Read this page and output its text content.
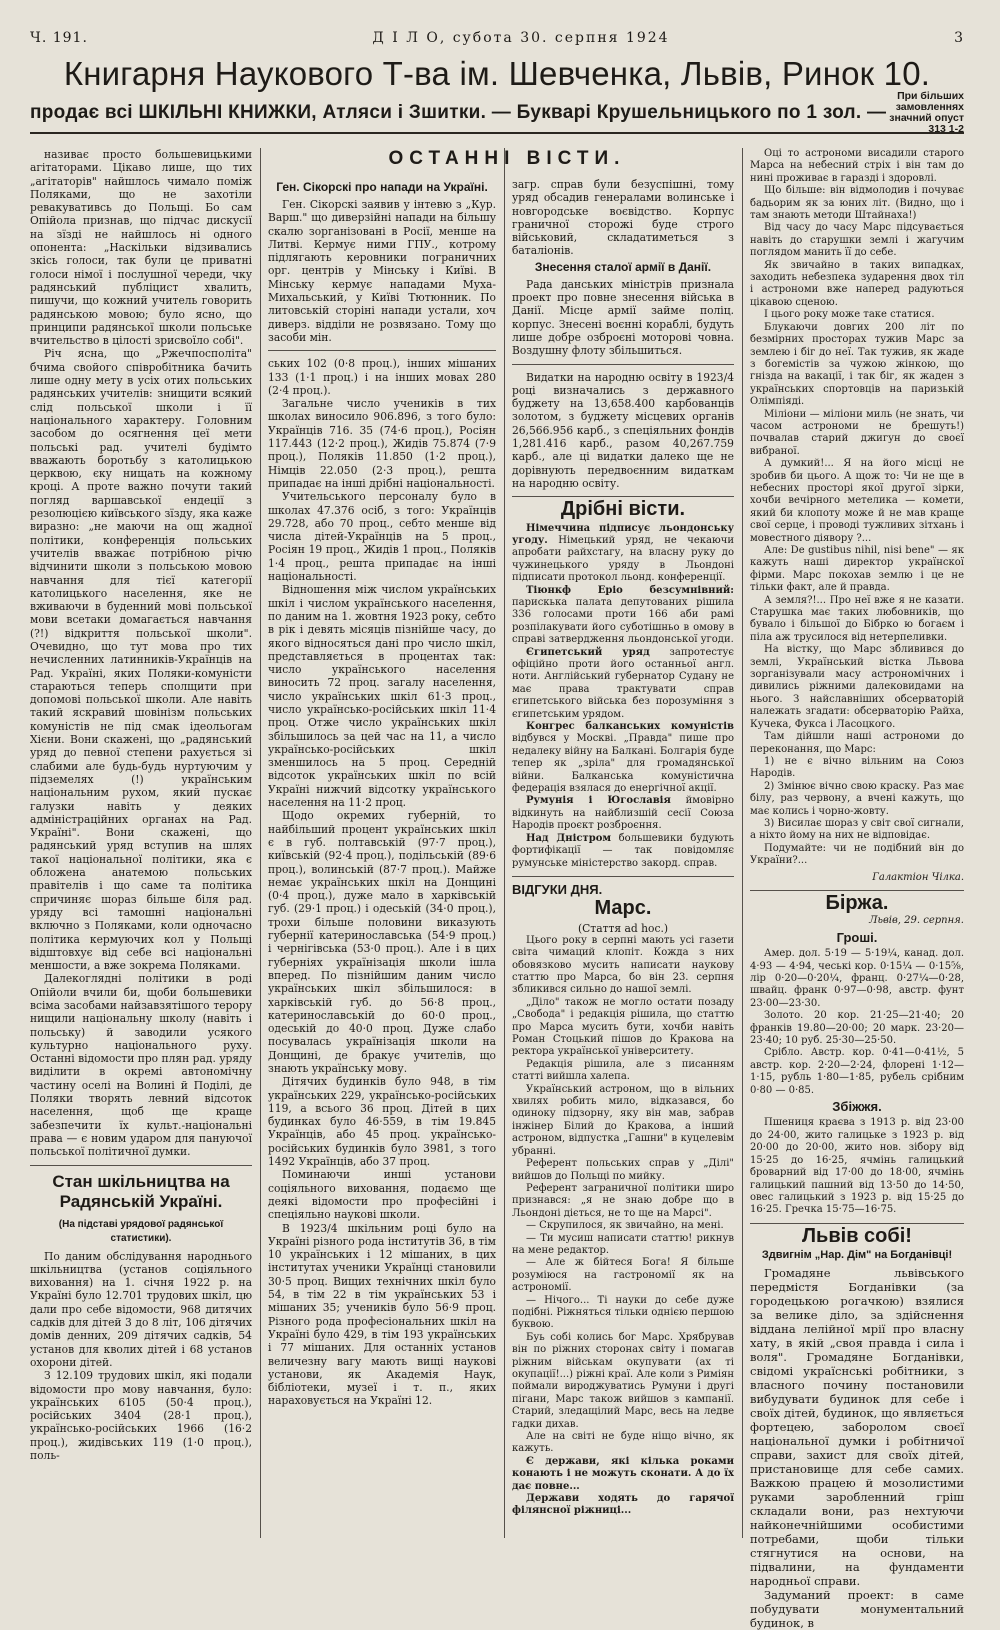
Ч. 191.	Д І Л О, субота 30. серпня 1924	3
Книгарня Наукового Т-ва ім. Шевченка, Львів, Ринок 10.
продає всі ШКІЛЬНІ КНИЖКИ, Атляси і Зшитки. — Букварі Крушельницького по 1 зол. —
При більших замовленнях
значний опуст 313 1-2

називає просто большевицькими агітаторами. Цікаво лише, що тих „агітаторів" найшлось чимало поміж Поляками, що не захотіли ревакувативсь до Польщі. Бо сам Опійола признав, що підчас дискусії на зїзді не найшлось ні одного опонента: „Наскільки відзивались зкісь голоси, так були це приватні голоси німої і послушної череди, чку радянський публіцист хвалить, пишучи, що кожний учитель говорить радянською мовою; було ясно, що принципи радянської школи польське вчительство в цілості зрисвоїло собі".

Річ ясна, що „Ржечпосполіта" бчима свойого співробітника бачить лише одну мету в усіх отих польських радянських учителів: знищити всякий слід польської школи і її національного характеру. Головним засобом до осягнення цеї мети польські рад. учителі будімто вважають боротьбу з католицькою церквою, єку нищать на кожному кроці. А проте важно почути такий погляд варшавської ендеції з резолюцією київського зїзду, яка каже виразно: „не маючи на ощ жадної політики, конференція польських учителів вважає потрібною річю відчинити школи з польською мовою навчання для тієї категорії католицького населення, яке не вживаючи в буденний мові польської мови всетаки домагається навчання (?!) відкриття польської школи". Очевидно, що тут мова про тих нечисленних латинників-Українців на Рад. Україні, яких Поляки-комуністи стараються теперь сполщити при допомові польської школи. Але навіть такий яскравий шовінізм польських комуністів не під смак ідеольогам Хієни. Вони скажені, що „радянський уряд до певної степени рахується зі слабими але будь-будь нуртуючим у підземелях (!) українським національним рухом, який пускає галузки навіть у деяких адміністраційних органах на Рад. Україні". Вони скажені, що радянський уряд вступив на шлях такої національної політики, яка є обложена анатемою польських правітелів і що саме та політика спричиняє шораз більше біля рад. уряду всі тамошні національні включно з Поляками, коли одночасно політика кермуючих кол у Польщі відштовхує від себе всі національні меншости, а вже зокрема Поляками.

Далекоглядні політики в роді Опійоли вчили би, щоби большевики всіма засобами найзавзятішого терору нищили національну школу (навіть і польську) й заводили усякого культурно національного руху. Останні відомости про плян рад. уряду виділити в окремі автономічну частину оселі на Волині й Поділі, де Поляки творять левний відсоток населення, щоб ще краще забезпечити їх культ.-національні права — є новим ударом для пануючої польської політичної думки.

Стан шкільництва на Радянській Україні.
(На підставі урядової радянської статистики).

По даним обслідування народнього шкільництва (установ соціяльного виховання) на 1. січня 1922 р. на Україні було 12.701 трудових шкіл, цю дали про себе відомости, 968 дитячих садків для дітей 3 до 8 літ, 106 дітячих домів денних, 209 дітячих садків, 54 установ для кволих дітей і 68 установ охорони дітей.

З 12.109 трудових шкіл, які подали відомости про мову навчання, було: українських 6105 (50·4 проц.), російських 3404 (28·1 проц.), українсько-російських 1966 (16·2 проц.), жидівських 119 (1·0 проц.), поль-

ОСТАННІ ВІСТИ.
Ген. Сікорскі про напади на Україні.

Ген. Сікорскі заявив у інтевю з „Кур. Варш." що диверзійні напади на більшу скалю зорганізовані в Росії, менше на Литві. Кермує ними ГПУ., котрому підлягають керовники пограничних орг. центрів у Мінську і Київі. В Мінську кермує нападами Муха-Михальський, у Київі Тютюнник. По литовській сторіні напади устали, хоч диверз. відділи не розвязано. Тому що засоби мін.

ських 102 (0·8 проц.), інших мішаних 133 (1·1 проц.) і на інших мовах 280 (2·4 проц.).

Загальне число учеників в тих школах виносило 906.896, з того було: Українців 716. 35 (74·6 проц.), Росіян 117.443 (12·2 проц.), Жидів 75.874 (7·9 проц.), Поляків 11.850 (1·2 проц.), Німців 22.050 (2·3 проц.), решта припадає на інші дрібні національності.

Учительського персоналу було в школах 47.376 осіб, з того: Українців 29.728, або 70 проц., себто менше від числа дітей-Українців на 5 проц., Росіян 19 проц., Жидів 1 проц., Поляків 1·4 проц., решта припадає на інші національності.

Відношення між числом українських шкіл і числом українського населення, по даним на 1. жовтня 1923 року, себто в рік і девять місяців пізнійше часу, до якого відносяться дані про число шкіл, представляється в процентах так: число українського населення виносить 72 проц. загалу населення, число українських шкіл 61·3 проц., число українсько-російських шкіл 11·4 проц. Отже число українських шкіл збільшилось за цей час на 11, а число українсько-російських шкіл зменшилось на 5 проц. Середній відсоток українських шкіл по всій Україні нижчий відсотку українського населення на 11·2 проц.

Щодо окремих губерній, то найбільший процент українських шкіл є в губ. полтавській (97·7 проц.), київській (92·4 проц.), подільській (89·6 проц.), волинській (87·7 проц.). Майже немає українських шкіл на Донщині (0·4 проц.), дуже мало в харківській губ. (29·1 проц.) і одеській (34·0 проц.), трохи більше половини виказують губернії катеринославська (54·9 проц.) і чернігівська (53·0 проц.). Але і в цих губерніях українізація школи ішла вперед. По пізнійшим даним число українських шкіл збільшилося: в харківській губ. до 56·8 проц., катеринославській до 60·0 проц., одеській до 40·0 проц. Дуже слабо посувалась українізація школи на Донщині, де бракує учителів, що знають українську мову.

Дітячих будинків було 948, в тім українських 229, українсько-російських 119, а всього 36 проц. Дітей в цих будинках було 46·559, в тім 19.845 Українців, або 45 проц. українсько-російських будинків було 3981, з того 1492 Українців, або 37 проц.

Поминаючи инші установи соціяльного виховання, подаємо ще деякі відомости про професійні і спеціяльно наукові школи.

В 1923/4 шкільним році було на Україні різного рода інститутів 36, в тім 10 українських і 12 мішаних, в цих інститутах ученики Українці становили 30·5 проц. Вищих технічних шкіл було 54, в тім 22 в тім українських 53 і мішаних 35; учеників було 56·9 проц. Різного рода професіональних шкіл на Україні було 429, в тім 193 українських і 77 мішаних. Для останніх установ величезну вагу мають вищі наукові установи, як Академія Наук, бібліотеки, музеї і т. п., яких нараховується на Україні 12.

загр. справ були безуспішні, тому уряд обсадив генералами волинське і новгородське воєвідство. Корпус граничної сторожі буде строго військовий, складатиметься з баталіонів.

Знесення сталої армії в Данії.

Рада данських міністрів признала проект про повне знесення війська в Данії. Місце армії займе поліц. корпус. Знесені воєнні кораблі, будуть лише добре озброєні моторові човна. Воздушну флоту збільшиться.

Видатки на народню освіту в 1923/4 році визначались з державного буджету на 13,658.400 карбованців золотом, з буджету місцевих органів 26,566.956 карб., з спеціяльних фондів 1,281.416 карб., разом 40,267.759 карб., але ці видатки далеко ще не дорівнують передвоєнним видаткам на народню освіту.

Дрібні вісти.

Німеччина підписує льондонську угоду. Німецький уряд, не чекаючи апробати райхстагу, на власну руку до чужинецького уряду в Льондоні підписати протокол льонд. конференції.

Тіюнкф Еріо безсумнівний: парискька палата депутованих рішила 336 голосами проти 166 аби рамі розпілакувати його суботішньо в омову в справі затвердження льондонської угоди.

Єгипетський уряд запротестує офіційно проти його останньої англ. ноти. Англійський губернатор Судану не має права трактувати справ єгипетського війська без порозуміння з єгипетським урядом.

Конгрес балканських комуністів відбувся у Москві. „Правда" пише про недалеку війну на Балкані. Болгарія буде тепер як „зріла" для громадянської війни. Балканська комуністична федерація взялася до енергічної акції.

Румунія і Югославія ймовірно відкинуть на найблизшій сесії Союза Народів проєкт розброєння.

Над Дністром большевики будують фортифікації — так повідомляє румунське міністерство закорд. справ.

ВІДГУКИ ДНЯ.
Марс.
(Стаття ad hoc.)

Цього року в серпні мають усі газети світа чимаций клопіт. Кожда з них обовязково мусить написати наукову статтю про Марса, бо він 23. серпня збликився сильно до нашої землі.

„Діло" також не могло остати позаду „Свобода" і редакція рішила, що статтю про Марса мусить бути, хочби навіть Роман Стоцький пішов до Кракова на ректора української університету.

Редакція рішила, але з писанням статті вийшла халепа.

Український астроном, що в вільних хвилях робить мило, відказався, бо одиноку підзорну, яку він мав, забрав інжінер Білий до Кракова, а інший астроном, відпустка „Гашни" в куцелевім убранні.

Референт польських справ у „Ділі" вийшов до Польщі по мийку.

Референт заграничної політики широ признався: „я не знаю добре що в Льондоні діється, не то ще на Марсі".

— Скрупилося, як звичайно, на мені.

— Ти мусиш написати статтю! рикнув на мене редактор.

— Але ж бійтеся Бога! Я більше розуміюся на гастрономії як на астрономії.

— Нічого... Ті науки до себе дуже подібні. Ріжняться тільки однією першою буквою.

Буь собі колись бог Марс. Хрябрував він по ріжних сторонах світу і помагав ріжним військам окупувати (ах ті окупації!...) ріжні краї. Але коли з Риміян поймали вироджуватись Румуни і другі пігани, Марс також вийшов з кампанії. Старий, зледащілий Марс, весь на ледве гадки дихав.

Але на світі не буде ніщо вічно, як кажуть.

Є держави, які кілька роками конають і не можуть сконати. А до їх дає повне...

Держави ходять до гарячої філянсної ріжниці...

Оці то астрономи висадили старого Марса на небесний стріх і він там до нині проживає в гаразді і здоровлі.

Що більше: він відмолодив і почуває бадьорим як за юних літ. (Видно, що і там знають методи Штайнаха!)

Від часу до часу Марс підсувається навіть до старушки землі і жагучим поглядом манить її до себе.

Як звичайно в таких випадках, заходить небезпека зударення двох тіл і астрономи вже наперед радуються цікавою сценою.

І цього року може таке статися.

Блукаючи довгих 200 літ по безмірних просторах тужив Марс за землею і біг до неї. Так тужив, як жаде з богемістів за чужою жінкою, що гнізда на вакації, і так біг, як жаден з українських спортовців на паризькій Олімпіяді.

Міліони — міліони миль (не знать, чи часом астрономи не брешуть!) почвалав старий джигун до своєї вибраної.

А думкий!... Я на його місці не зробив би цього. А щож то: Чи не ще в небесних просторі якої другої зірки, хочби вечірного метелика — комети, який би клопоту може й не мав краще свої серце, і проводі тужливих зітхань і мовестного діявору ?...

Але: De gustibus nihil, nisi bene" — як кажуть наші директор українскої фірми. Марс покохав землю і це не тільки факт, але й правда.

А земля?!... Про неї вже я не казати. Старушка має таких любовників, що бувало і більшої до Бібрко ю богаєм і піла аж трусилося від нетерпеливки.

На вістку, що Марс збливився до землі, Український вістка Львова зорганізували масу астрономічних і дивились ріжними далековидами на нього. З найславніших обсерваторій належать згадати: обсерваторію Райха, Кучека, Фукса і Ласоцкого.

Там дійшли наші астрономи до переконання, що Марс:

1) не є вічно вільним на Союз Народів.

2) Змінює вічно свою краску. Раз має білу, раз червону, а вчені кажуть, що має колись і чорно-жовту.

3) Висилає шораз у світ свої сигнали, а ніхто йому на них не відповідає.

Подумайте: чи не подібний він до України?...

Галактіон Чілка.
Біржа.
Львів, 29. серпня.
Гроші.

Амер. дол. 5·19 — 5·19¼, канад. дол. 4·93 — 4·94, чеські кор. 0·15¼ — 0·15⅝, лір 0·20—0·20¼, франц. 0·27¼—0·28, швайц. франк 0·97—0·98, австр. фунт 23·00—23·30.

Золото. 20 кор. 21·25—21·40; 20 франків 19.80—20·00; 20 марк. 23·20—23·40; 10 руб. 25·30—25·50.

Срібло. Австр. кор. 0·41—0·41½, 5 австр. кор. 2·20—2·24, флорені 1·12—1·15, рубль 1·80—1·85, рубель срібним 0·80 — 0·85.

Збіжжя.

Пшениця краєва з 1913 р. від 23·00 до 24·00, жито галицьке з 1923 р. від 20·00 до 20·00, жито нов. зібору від 15·25 до 16·25, ячмінь галицький броварний від 17·00 до 18·00, ячмінь галицький пашний від 13·50 до 14·50, овес галицький з 1923 р. від 15·25 до 16·25. Гречка 15·75—16·75.

Львів собі!
Здвигнім „Нар. Дім" на Богданівці!

Громадяне львівського передмістя Богданівки (за городецькою рогачкою) взялися за велике діло, за здійснення віддана лелійної мрії про власну хату, в якій „своя правда і сила і воля". Громадяне Богданівки, свідомі україснські робітники, з власного почину постановили вибудувати будинок для себе і своїх дітей, будинок, що являється фортецею, заборолом своєї національної думки і робітничої справи, захист для своїх дітей, пристановище для себе самих. Важкою працею й мозолистими руками заробленний гріш складали вони, раз нехтуючи найконечнійшими особистими потребами, щоби тільки стягнутися на основи, на підвалини, на фундаменти народньої справи.

Задуманий проект: в саме побудувати монументальний будинок, в
